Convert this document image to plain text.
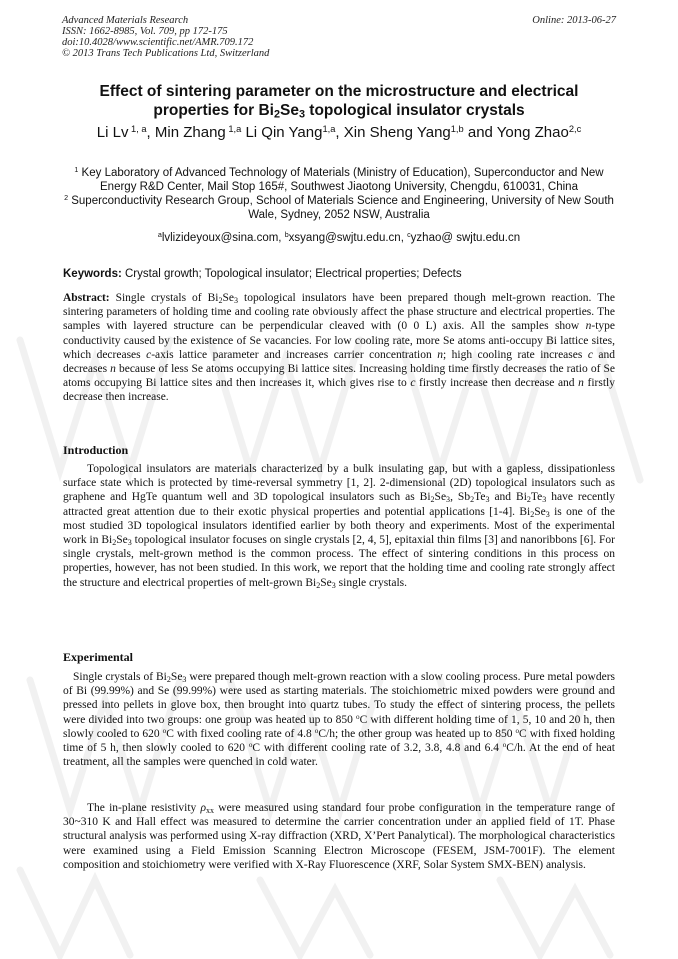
Advanced Materials Research
ISSN: 1662-8985, Vol. 709, pp 172-175
doi:10.4028/www.scientific.net/AMR.709.172
© 2013 Trans Tech Publications Ltd, Switzerland
Online: 2013-06-27
Effect of sintering parameter on the microstructure and electrical
properties for $Bi_2Se_3$ topological insulator crystals
Li Lv $^{1, a}$, Min Zhang $^{1,a}$ Li Qin Yang$^{1,a}$, Xin Sheng Yang$^{1,b}$ and Yong Zhao$^{2,c}$
$^1$ Key Laboratory of Advanced Technology of Materials (Ministry of Education), Superconductor and New Energy R&D Center, Mail Stop 165#, Southwest Jiaotong University, Chengdu, 610031, China
$^2$ Superconductivity Research Group, School of Materials Science and Engineering, University of New South Wale, Sydney, 2052 NSW, Australia
$^a$lvlizideyoux@sina.com, $^b$xsyang@swjtu.edu.cn, $^c$yzhao@ swjtu.edu.cn
Keywords: Crystal growth; Topological insulator; Electrical properties; Defects
Abstract: Single crystals of $Bi_2Se_3$ topological insulators have been prepared though melt-grown reaction. The sintering parameters of holding time and cooling rate obviously affect the phase structure and electrical properties. The samples with layered structure can be perpendicular cleaved with (0 0 L) axis. All the samples show n-type conductivity caused by the existence of Se vacancies. For low cooling rate, more Se atoms anti-occupy Bi lattice sites, which decreases c-axis lattice parameter and increases carrier concentration n; high cooling rate increases c and decreases n because of less Se atoms occupying Bi lattice sites. Increasing holding time firstly decreases the ratio of Se atoms occupying Bi lattice sites and then increases it, which gives rise to c firstly increase then decrease and n firstly decrease then increase.
Introduction
Topological insulators are materials characterized by a bulk insulating gap, but with a gapless, dissipationless surface state which is protected by time-reversal symmetry [1, 2]. 2-dimensional (2D) topological insulators such as graphene and HgTe quantum well and 3D topological insulators such as $Bi_2Se_3$, $Sb_2Te_3$ and $Bi_2Te_3$ have recently attracted great attention due to their exotic physical properties and potential applications [1-4]. $Bi_2Se_3$ is one of the most studied 3D topological insulators identified earlier by both theory and experiments. Most of the experimental work in $Bi_2Se_3$ topological insulator focuses on single crystals [2, 4, 5], epitaxial thin films [3] and nanoribbons [6]. For single crystals, melt-grown method is the common process. The effect of sintering conditions in this process on properties, however, has not been studied. In this work, we report that the holding time and cooling rate strongly affect the structure and electrical properties of melt-grown $Bi_2Se_3$ single crystals.
Experimental
Single crystals of $Bi_2Se_3$ were prepared though melt-grown reaction with a slow cooling process. Pure metal powders of Bi (99.99%) and Se (99.99%) were used as starting materials. The stoichiometric mixed powders were ground and pressed into pellets in glove box, then brought into quartz tubes. To study the effect of sintering process, the pellets were divided into two groups: one group was heated up to 850 $^o$C with different holding time of 1, 5, 10 and 20 h, then slowly cooled to 620 $^o$C with fixed cooling rate of 4.8 $^o$C/h; the other group was heated up to 850 $^o$C with fixed holding time of 5 h, then slowly cooled to 620 $^o$C with different cooling rate of 3.2, 3.8, 4.8 and 6.4 $^o$C/h. At the end of heat treatment, all the samples were quenched in cold water.
The in-plane resistivity $\rho_{xx}$ were measured using standard four probe configuration in the temperature range of 30~310 K and Hall effect was measured to determine the carrier concentration under an applied field of 1T. Phase structural analysis was performed using X-ray diffraction (XRD, X’Pert Panalytical). The morphological characteristics were examined using a Field Emission Scanning Electron Microscope (FESEM, JSM-7001F). The element composition and stoichiometry were verified with X-Ray Fluorescence (XRF, Solar System SMX-BEN) analysis.
